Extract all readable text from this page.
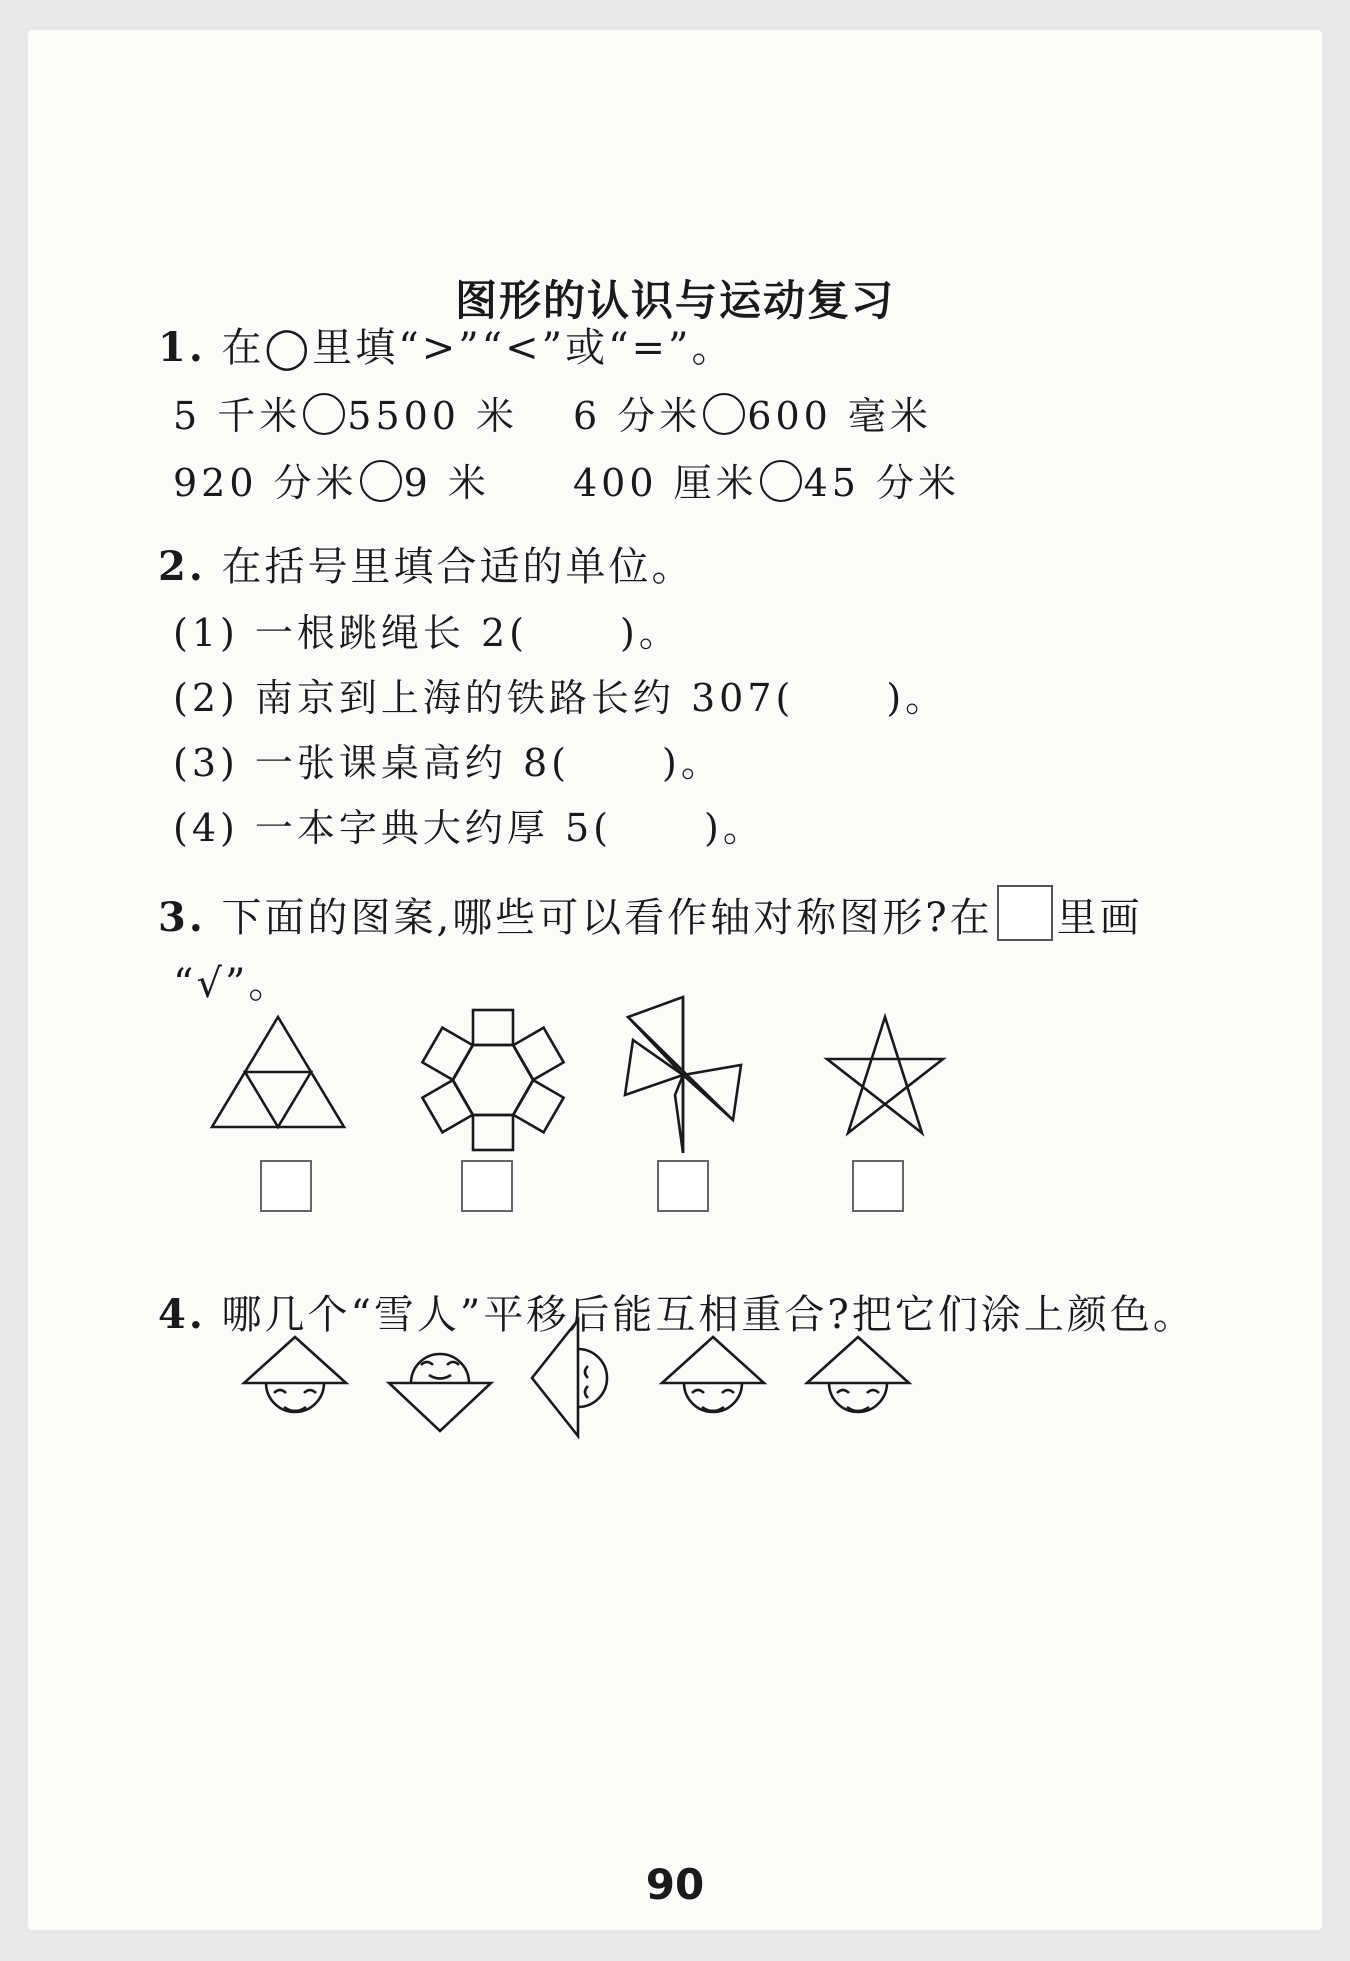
图形的认识与运动复习
1. 在◯里填“>”“<”或“=”。
5 千米 5500 米 6 分米 600 毫米
920 分米 9 米 400 厘米 45 分米
2. 在括号里填合适的单位。
(1) 一根跳绳长 2( )。
(2) 南京到上海的铁路长约 307( )。
(3) 一张课桌高约 8( )。
(4) 一本字典大约厚 5( )。
3. 下面的图案,哪些可以看作轴对称图形?在 里画
“√”。
4. 哪几个“雪人”平移后能互相重合?把它们涂上颜色。
90
